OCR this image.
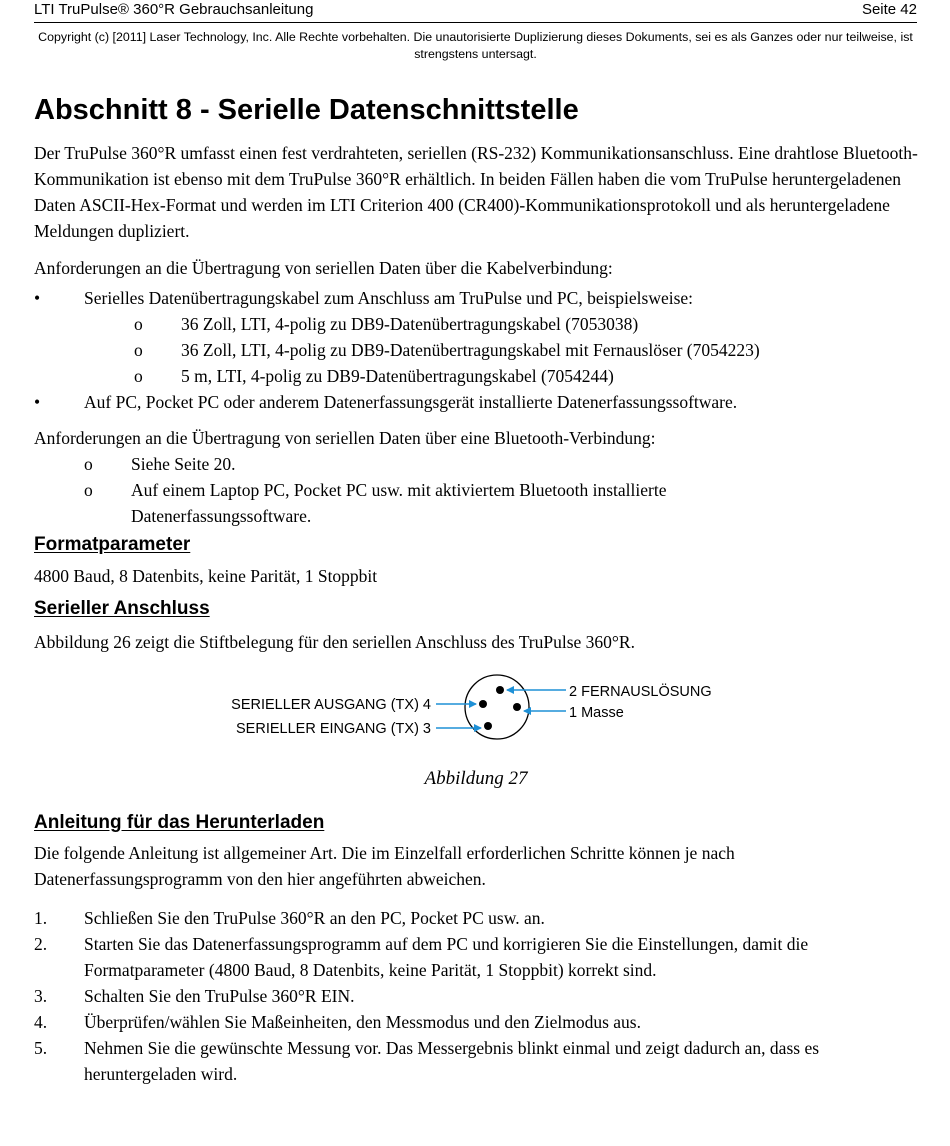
LTI TruPulse® 360°R Gebrauchsanleitung	Seite 42
Copyright (c) [2011] Laser Technology, Inc. Alle Rechte vorbehalten. Die unautorisierte Duplizierung dieses Dokuments, sei es als Ganzes oder nur teilweise, ist strengstens untersagt.
Abschnitt 8 - Serielle Datenschnittstelle

Der TruPulse 360°R umfasst einen fest verdrahteten, seriellen (RS-232) Kommunikationsanschluss. Eine drahtlose Bluetooth-Kommunikation ist ebenso mit dem TruPulse 360°R erhältlich. In beiden Fällen haben die vom TruPulse heruntergeladenen Daten ASCII-Hex-Format und werden im LTI Criterion 400 (CR400)-Kommunikationsprotokoll und als heruntergeladene Meldungen dupliziert.

Anforderungen an die Übertragung von seriellen Daten über die Kabelverbindung:

•	Serielles Datenübertragungskabel zum Anschluss am TruPulse und PC, beispielsweise:
o 36 Zoll, LTI, 4-polig zu DB9-Datenübertragungskabel (7053038)
o 36 Zoll, LTI, 4-polig zu DB9-Datenübertragungskabel mit Fernauslöser (7054223)
o 5 m, LTI, 4-polig zu DB9-Datenübertragungskabel (7054244)
•	Auf PC, Pocket PC oder anderem Datenerfassungsgerät installierte Datenerfassungssoftware.

Anforderungen an die Übertragung von seriellen Daten über eine Bluetooth-Verbindung:

o Siehe Seite 20.
o Auf einem Laptop PC, Pocket PC usw. mit aktiviertem Bluetooth installierte Datenerfassungssoftware.
Formatparameter

4800 Baud, 8 Datenbits, keine Parität, 1 Stoppbit

Serieller Anschluss

Abbildung 26 zeigt die Stiftbelegung für den seriellen Anschluss des TruPulse 360°R.

SERIELLER AUSGANG (TX) 4
SERIELLER EINGANG (TX) 3
2 FERNAUSLÖSUNG
1 Masse
Abbildung 27
Anleitung für das Herunterladen

Die folgende Anleitung ist allgemeiner Art. Die im Einzelfall erforderlichen Schritte können je nach Datenerfassungsprogramm von den hier angeführten abweichen.

1. Schließen Sie den TruPulse 360°R an den PC, Pocket PC usw. an.
2. Starten Sie das Datenerfassungsprogramm auf dem PC und korrigieren Sie die Einstellungen, damit die Formatparameter (4800 Baud, 8 Datenbits, keine Parität, 1 Stoppbit) korrekt sind.
3. Schalten Sie den TruPulse 360°R EIN.
4. Überprüfen/wählen Sie Maßeinheiten, den Messmodus und den Zielmodus aus.
5. Nehmen Sie die gewünschte Messung vor. Das Messergebnis blinkt einmal und zeigt dadurch an, dass es heruntergeladen wird.
